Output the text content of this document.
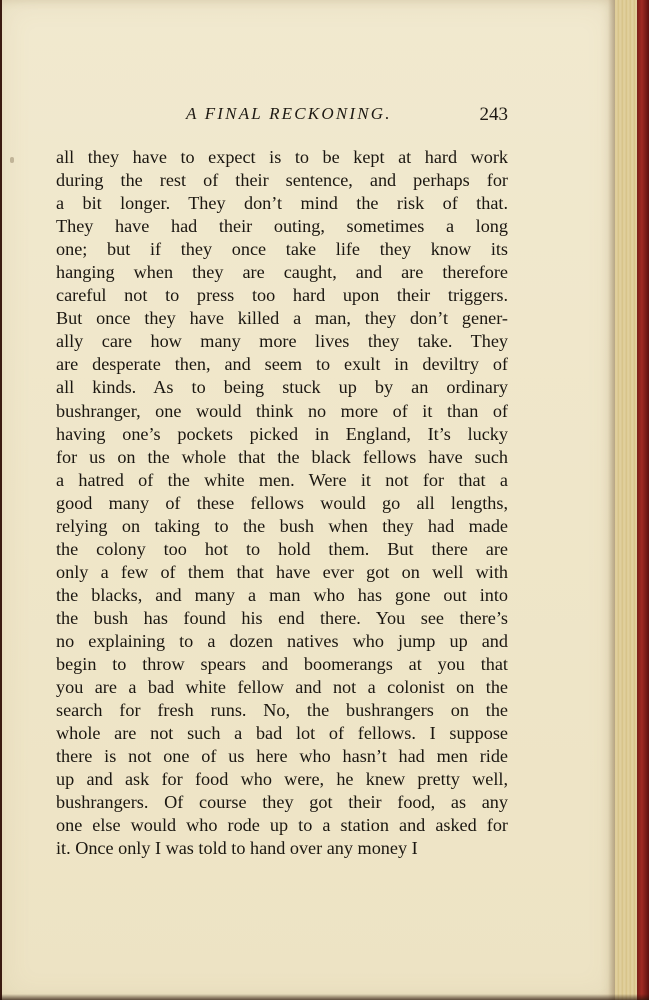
A FINAL RECKONING.	243
all they have to expect is to be kept at hard work
during the rest of their sentence, and perhaps for
a bit longer. They don’t mind the risk of that.
They have had their outing, sometimes a long
one; but if they once take life they know its
hanging when they are caught, and are therefore
careful not to press too hard upon their triggers.
But once they have killed a man, they don’t gener-
ally care how many more lives they take. They
are desperate then, and seem to exult in deviltry of
all kinds. As to being stuck up by an ordinary
bushranger, one would think no more of it than of
having one’s pockets picked in England, It’s lucky
for us on the whole that the black fellows have such
a hatred of the white men. Were it not for that a
good many of these fellows would go all lengths,
relying on taking to the bush when they had made
the colony too hot to hold them. But there are
only a few of them that have ever got on well with
the blacks, and many a man who has gone out into
the bush has found his end there. You see there’s
no explaining to a dozen natives who jump up and
begin to throw spears and boomerangs at you that
you are a bad white fellow and not a colonist on the
search for fresh runs. No, the bushrangers on the
whole are not such a bad lot of fellows. I suppose
there is not one of us here who hasn’t had men ride
up and ask for food who were, he knew pretty well,
bushrangers. Of course they got their food, as any
one else would who rode up to a station and asked for
it. Once only I was told to hand over any money I
